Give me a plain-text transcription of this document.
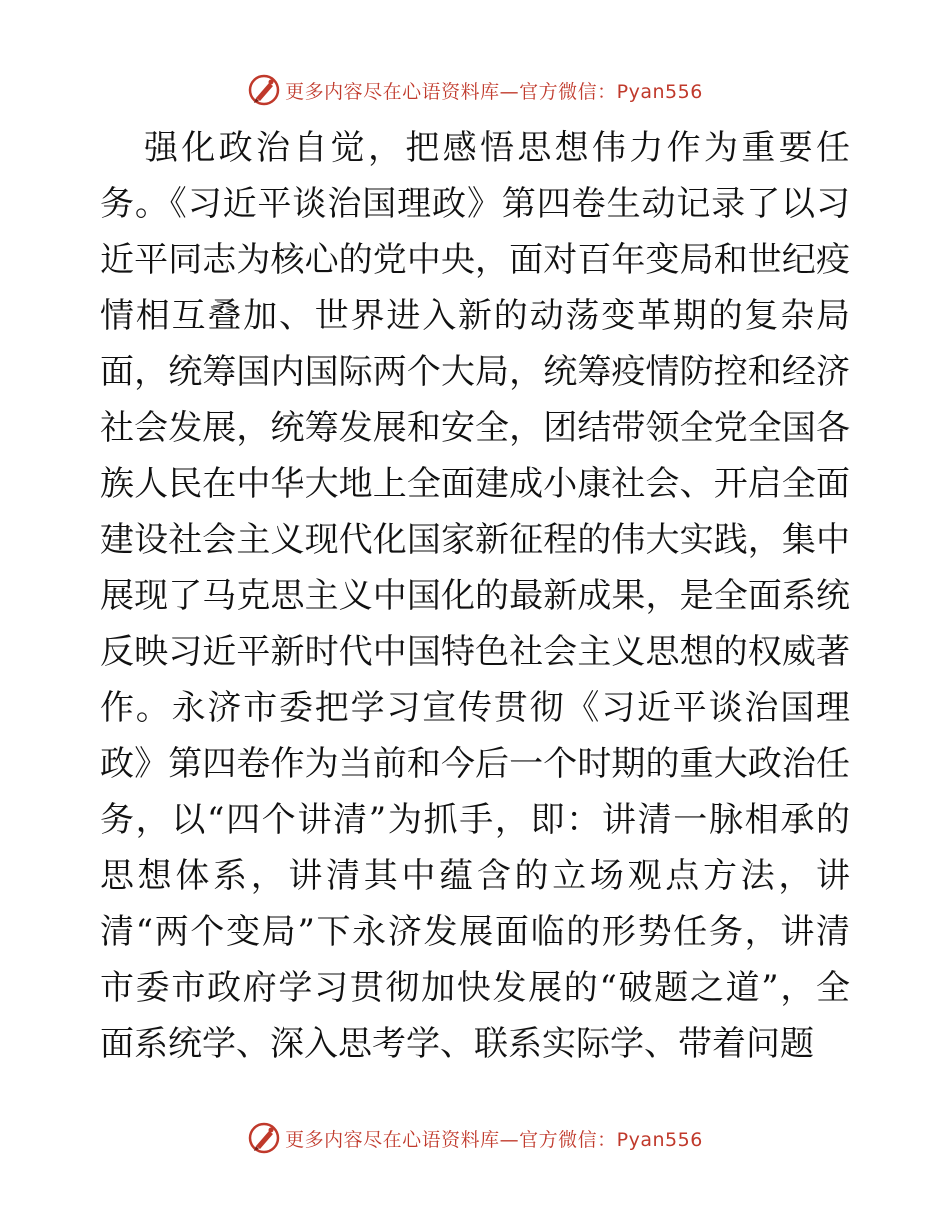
更多内容尽在心语资料库—官方微信：Pyan556
强化政治自觉，把感悟思想伟力作为重要任
务。《习近平谈治国理政》第四卷生动记录了以习
近平同志为核心的党中央，面对百年变局和世纪疫
情相互叠加、世界进入新的动荡变革期的复杂局
面，统筹国内国际两个大局，统筹疫情防控和经济
社会发展，统筹发展和安全，团结带领全党全国各
族人民在中华大地上全面建成小康社会、开启全面
建设社会主义现代化国家新征程的伟大实践，集中
展现了马克思主义中国化的最新成果，是全面系统
反映习近平新时代中国特色社会主义思想的权威著
作。永济市委把学习宣传贯彻《习近平谈治国理
政》第四卷作为当前和今后一个时期的重大政治任
务，以“四个讲清”为抓手，即：讲清一脉相承的
思想体系，讲清其中蕴含的立场观点方法，讲
清“两个变局”下永济发展面临的形势任务，讲清
市委市政府学习贯彻加快发展的“破题之道”，全
面系统学、深入思考学、联系实际学、带着问题
更多内容尽在心语资料库—官方微信：Pyan556
